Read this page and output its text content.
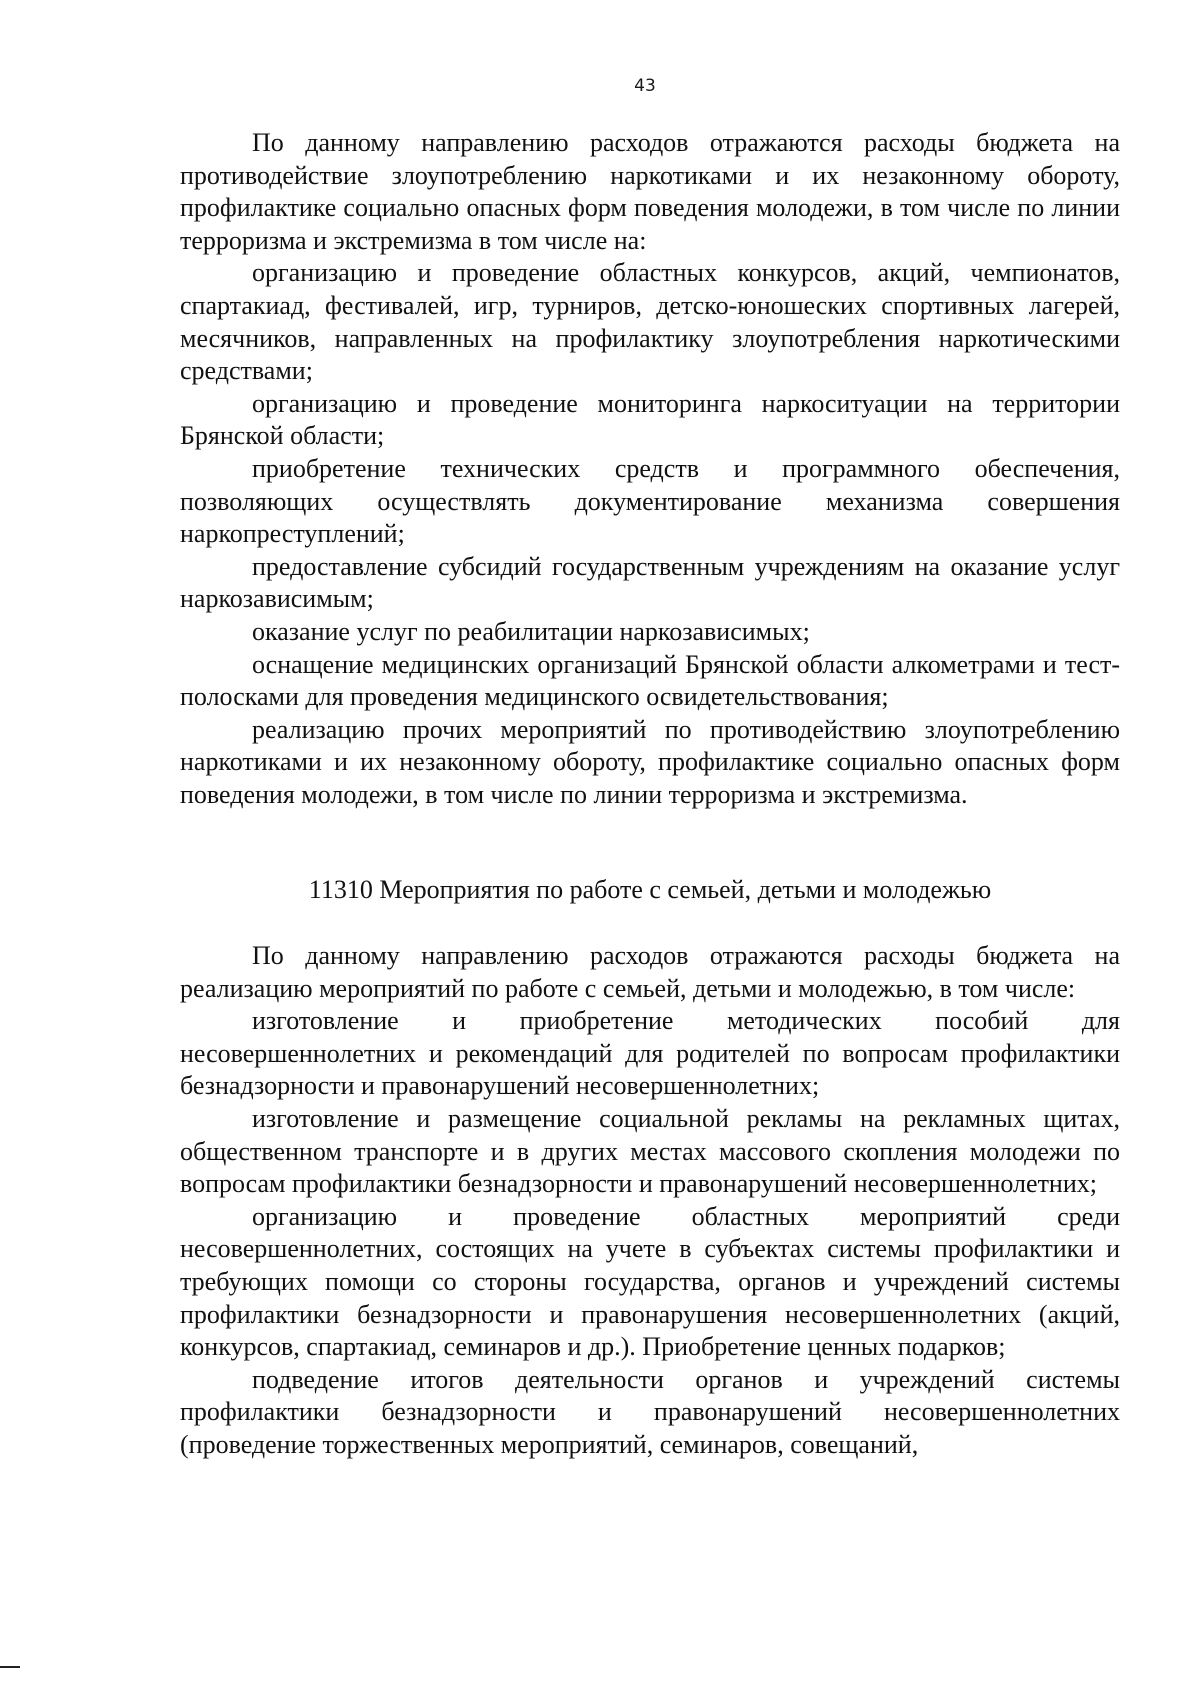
43

По данному направлению расходов отражаются расходы бюджета на противодействие злоупотреблению наркотиками и их незаконному обороту, профилактике социально опасных форм поведения молодежи, в том числе по линии терроризма и экстремизма в том числе на:

организацию и проведение областных конкурсов, акций, чемпионатов, спартакиад, фестивалей, игр, турниров, детско-юношеских спортивных лагерей, месячников, направленных на профилактику злоупотребления наркотическими средствами;

организацию и проведение мониторинга наркоситуации на территории Брянской области;

приобретение технических средств и программного обеспечения, позволяющих осуществлять документирование механизма совершения наркопреступлений;

предоставление субсидий государственным учреждениям на оказание услуг наркозависимым;

оказание услуг по реабилитации наркозависимых;

оснащение медицинских организаций Брянской области алкометрами и тест-полосками для проведения медицинского освидетельствования;

реализацию прочих мероприятий по противодействию злоупотреблению наркотиками и их незаконному обороту, профилактике социально опасных форм поведения молодежи, в том числе по линии терроризма и экстремизма.

11310 Мероприятия по работе с семьей, детьми и молодежью

По данному направлению расходов отражаются расходы бюджета на реализацию мероприятий по работе с семьей, детьми и молодежью, в том числе:

изготовление и приобретение методических пособий для несовершеннолетних и рекомендаций для родителей по вопросам профилактики безнадзорности и правонарушений несовершеннолетних;

изготовление и размещение социальной рекламы на рекламных щитах, общественном транспорте и в других местах массового скопления молодежи по вопросам профилактики безнадзорности и правонарушений несовершеннолетних;

организацию и проведение областных мероприятий среди несовершеннолетних, состоящих на учете в субъектах системы профилактики и требующих помощи со стороны государства, органов и учреждений системы профилактики безнадзорности и правонарушения несовершеннолетних (акций, конкурсов, спартакиад, семинаров и др.). Приобретение ценных подарков;

подведение итогов деятельности органов и учреждений системы профилактики безнадзорности и правонарушений несовершеннолетних (проведение торжественных мероприятий, семинаров, совещаний,
